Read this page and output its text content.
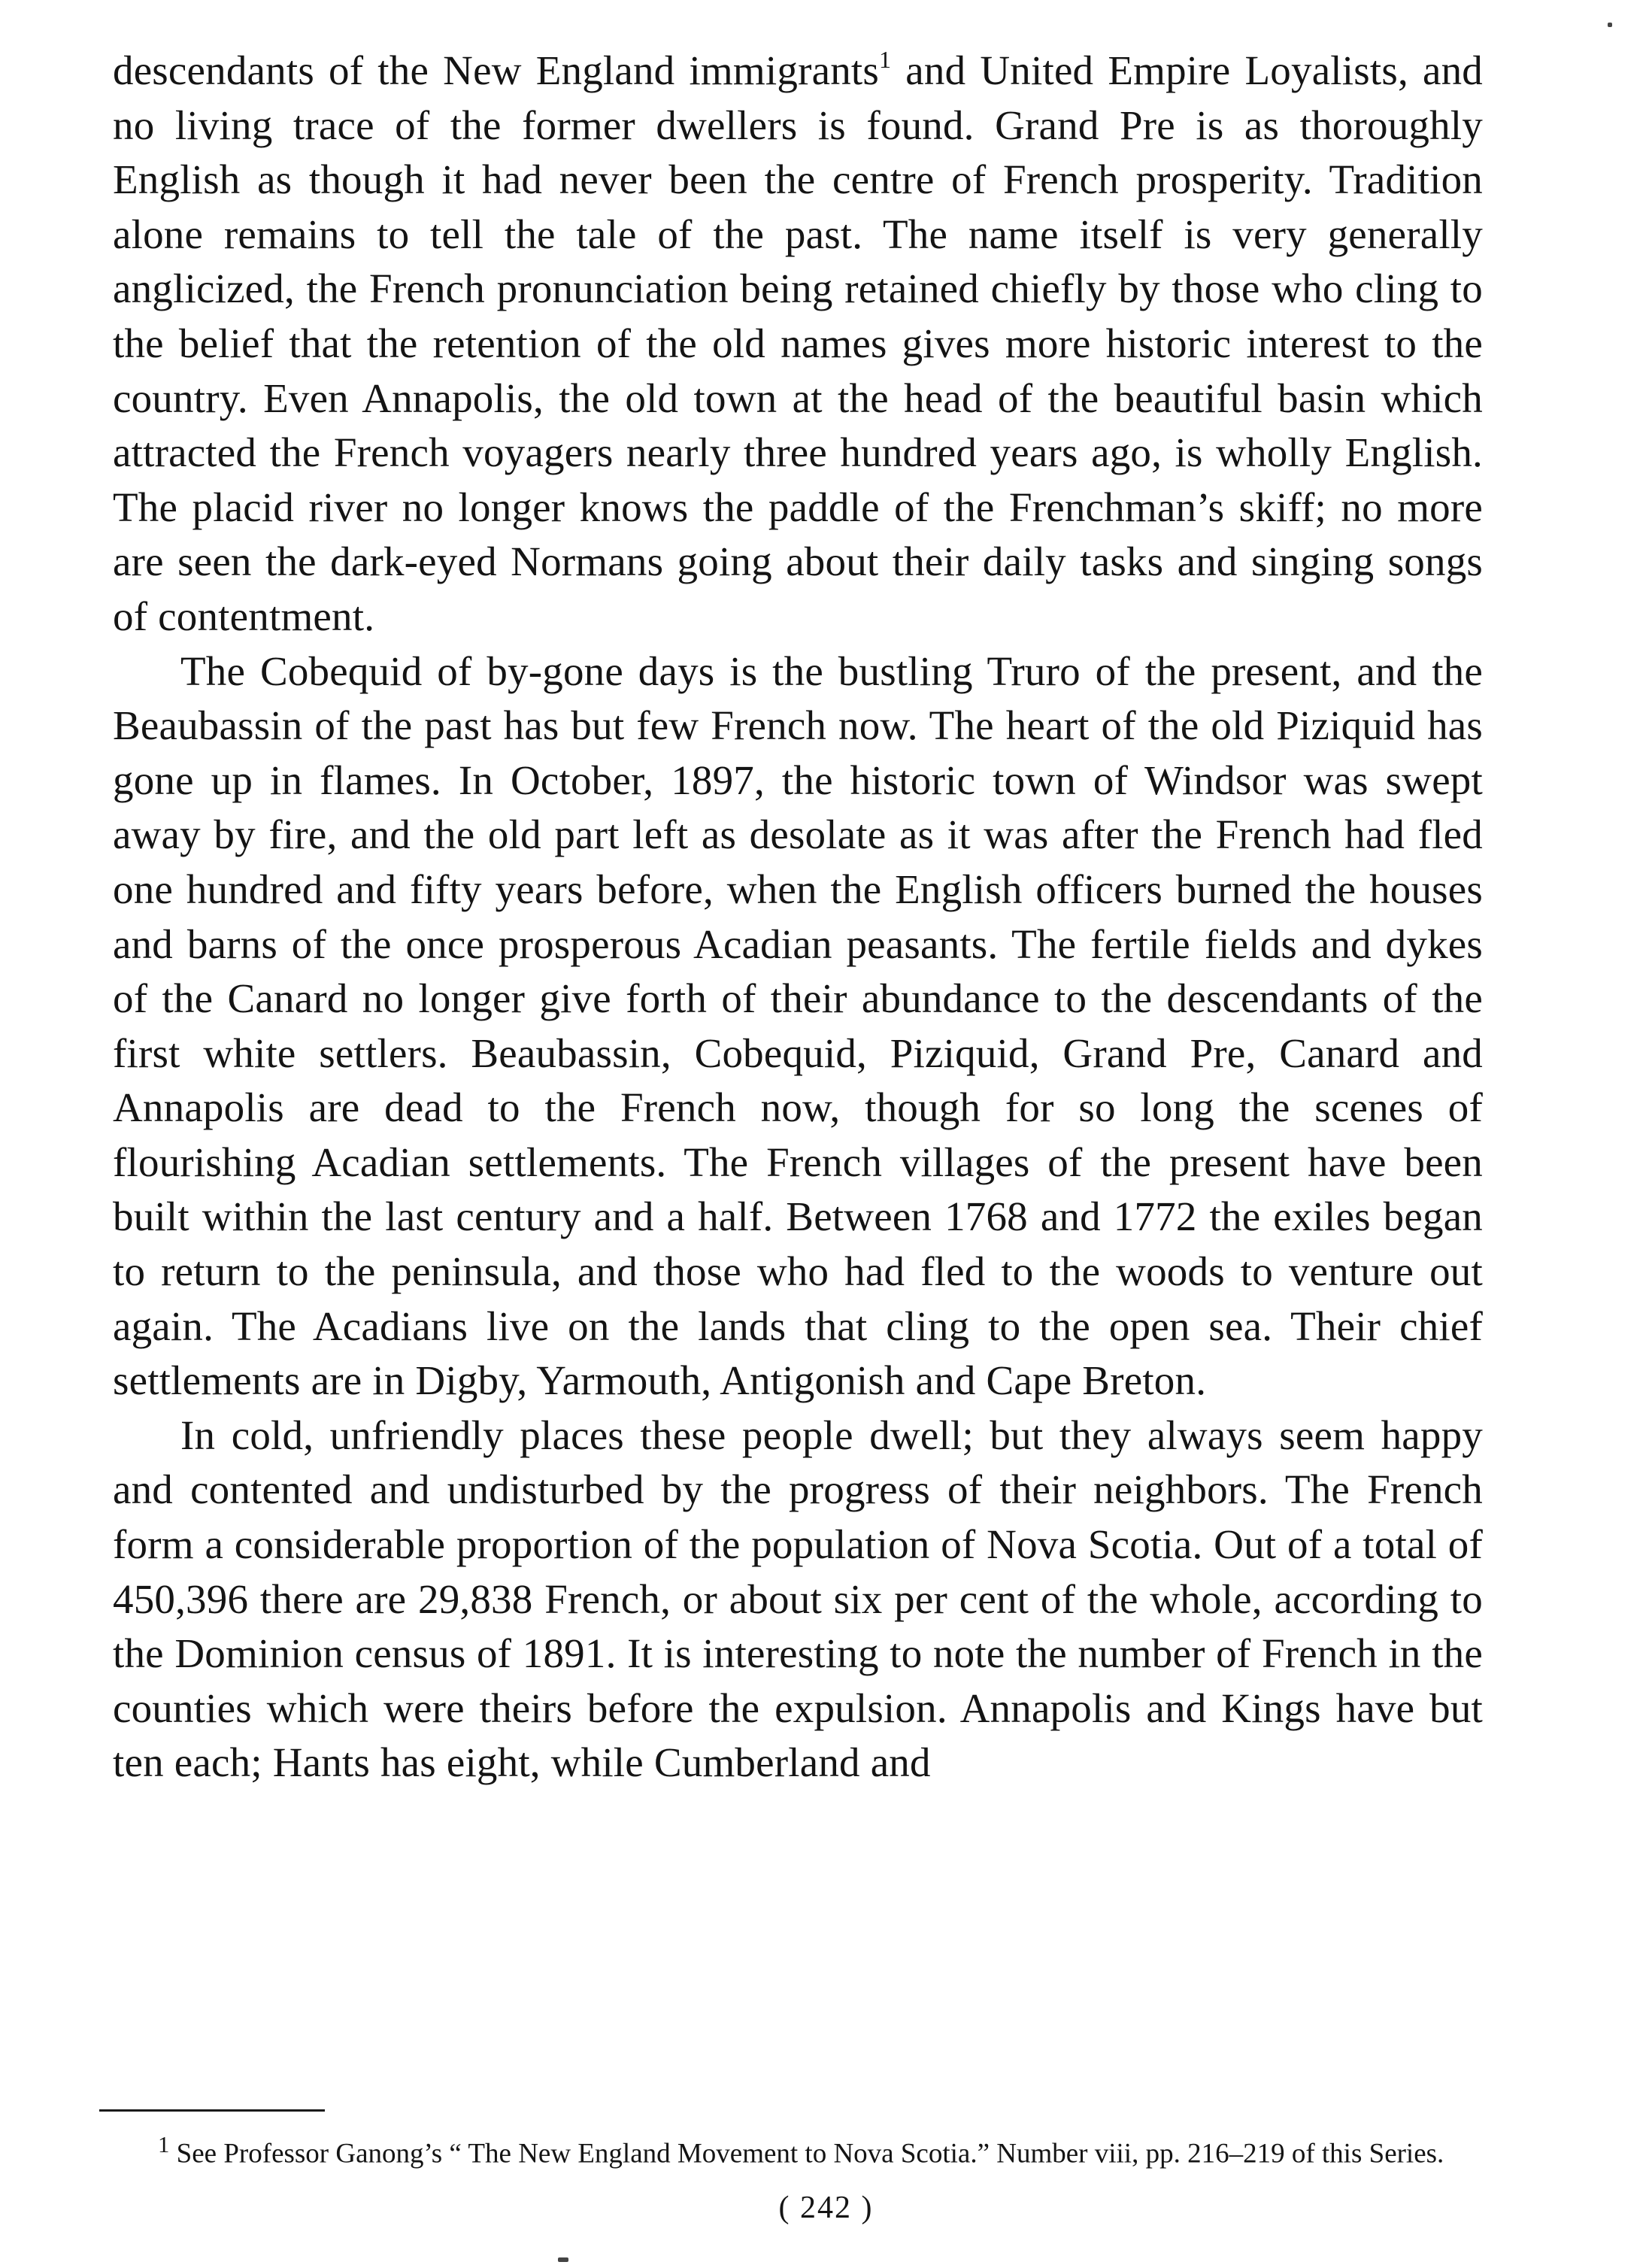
descendants of the New England immigrants$^1$ and United Empire Loyalists, and no living trace of the former dwellers is found. Grand Pre is as thoroughly English as though it had never been the centre of French prosperity. Tradition alone remains to tell the tale of the past. The name itself is very generally anglicized, the French pronunciation being retained chiefly by those who cling to the belief that the retention of the old names gives more historic interest to the country. Even Annapolis, the old town at the head of the beautiful basin which attracted the French voyagers nearly three hundred years ago, is wholly English. The placid river no longer knows the paddle of the Frenchman’s skiff; no more are seen the dark-eyed Normans going about their daily tasks and singing songs of contentment.

The Cobequid of by-gone days is the bustling Truro of the present, and the Beaubassin of the past has but few French now. The heart of the old Piziquid has gone up in flames. In October, 1897, the historic town of Windsor was swept away by fire, and the old part left as desolate as it was after the French had fled one hundred and fifty years before, when the English officers burned the houses and barns of the once prosperous Acadian peasants. The fertile fields and dykes of the Canard no longer give forth of their abundance to the descendants of the first white settlers. Beaubassin, Cobequid, Piziquid, Grand Pre, Canard and Annapolis are dead to the French now, though for so long the scenes of flourishing Acadian settlements. The French villages of the present have been built within the last century and a half. Between 1768 and 1772 the exiles began to return to the peninsula, and those who had fled to the woods to venture out again. The Acadians live on the lands that cling to the open sea. Their chief settlements are in Digby, Yarmouth, Antigonish and Cape Breton.

In cold, unfriendly places these people dwell; but they always seem happy and contented and undisturbed by the progress of their neighbors. The French form a considerable proportion of the population of Nova Scotia. Out of a total of 450,396 there are 29,838 French, or about six per cent of the whole, according to the Dominion census of 1891. It is interesting to note the number of French in the counties which were theirs before the expulsion. Annapolis and Kings have but ten each; Hants has eight, while Cumberland and

$^1$ See Professor Ganong’s “ The New England Movement to Nova Scotia.” Number viii, pp. 216–219 of this Series.

( 242 )
